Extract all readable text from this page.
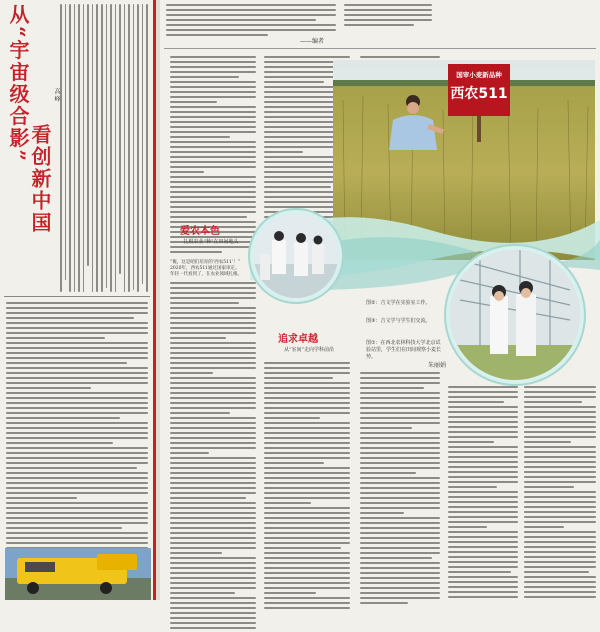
从“宇宙级合影”
看创新中国
高 峰
——编者
爱农本色
扎根农业“种”在田间地头
“俺，这是咱们培育的‘西农511’！”
2020年，西农511通过国家审定。
年轻一代看到了，在农业领域扎根。
追求卓越
从“室间”走向学科前沿
朱丽娟
国审小麦新品种
西农511
图②：吉文学在实验室工作。
图③：吉文学与学生们交流。
图①：在西北农林科技大学北京试验站里，学生们在田间观察小麦长势。
